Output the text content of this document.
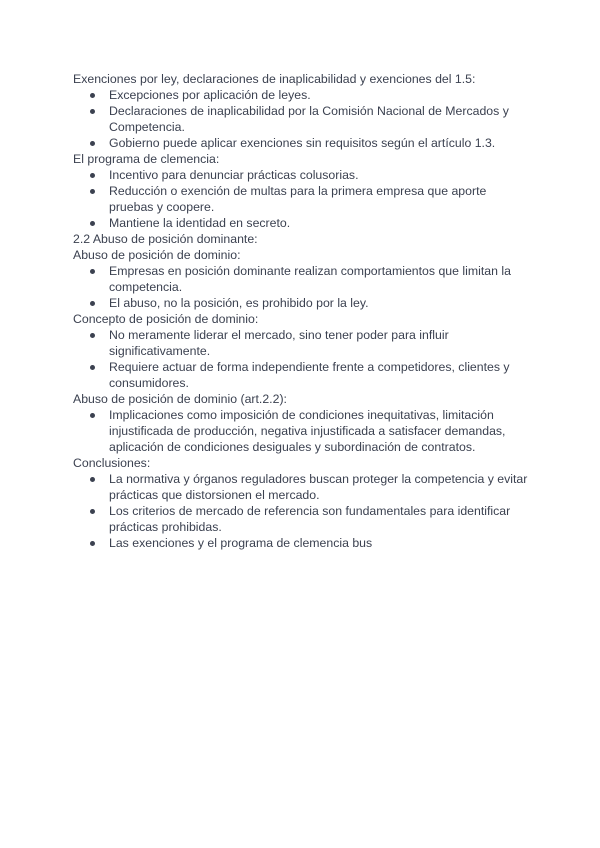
Exenciones por ley, declaraciones de inaplicabilidad y exenciones del 1.5:

Excepciones por aplicación de leyes.
Declaraciones de inaplicabilidad por la Comisión Nacional de Mercados y Competencia.
Gobierno puede aplicar exenciones sin requisitos según el artículo 1.3.

El programa de clemencia:

Incentivo para denunciar prácticas colusorias.
Reducción o exención de multas para la primera empresa que aporte pruebas y coopere.
Mantiene la identidad en secreto.

2.2 Abuso de posición dominante:

Abuso de posición de dominio:

Empresas en posición dominante realizan comportamientos que limitan la competencia.
El abuso, no la posición, es prohibido por la ley.

Concepto de posición de dominio:

No meramente liderar el mercado, sino tener poder para influir significativamente.
Requiere actuar de forma independiente frente a competidores, clientes y consumidores.

Abuso de posición de dominio (art.2.2):

Implicaciones como imposición de condiciones inequitativas, limitación injustificada de producción, negativa injustificada a satisfacer demandas, aplicación de condiciones desiguales y subordinación de contratos.

Conclusiones:

La normativa y órganos reguladores buscan proteger la competencia y evitar prácticas que distorsionen el mercado.
Los criterios de mercado de referencia son fundamentales para identificar prácticas prohibidas.
Las exenciones y el programa de clemencia bus
